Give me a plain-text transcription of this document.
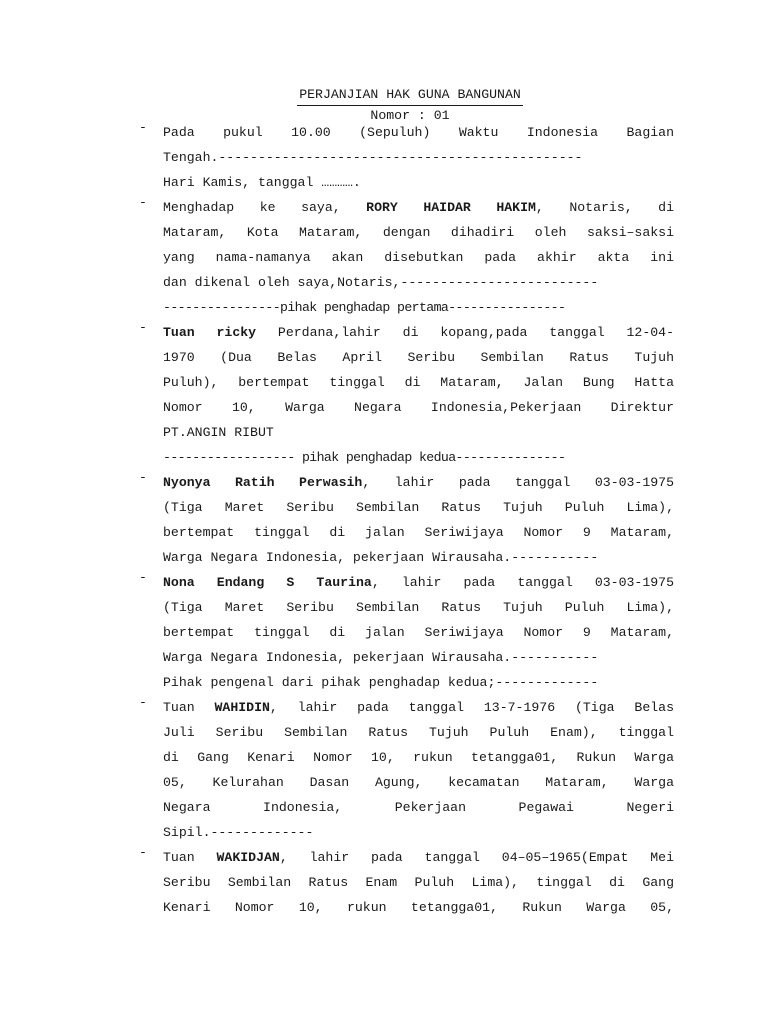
PERJANJIAN HAK GUNA BANGUNAN
Nomor : 01
- Pada pukul 10.00 (Sepuluh) Waktu Indonesia Bagian
Tengah.----------------------------------------------
Hari Kamis, tanggal ………….
- Menghadap ke saya, RORY HAIDAR HAKIM, Notaris, di
Mataram, Kota Mataram, dengan dihadiri oleh saksi–saksi
yang nama-namanya akan disebutkan pada akhir akta ini
dan dikenal oleh saya,Notaris,-------------------------
----------------pihak penghadap pertama----------------
- Tuan ricky Perdana,lahir di kopang,pada tanggal 12-04-
1970 (Dua Belas April Seribu Sembilan Ratus Tujuh
Puluh), bertempat tinggal di Mataram, Jalan Bung Hatta
Nomor 10, Warga Negara Indonesia,Pekerjaan Direktur
PT.ANGIN RIBUT
------------------ pihak penghadap kedua---------------
- Nyonya Ratih Perwasih, lahir pada tanggal 03-03-1975
(Tiga Maret Seribu Sembilan Ratus Tujuh Puluh Lima),
bertempat tinggal di jalan Seriwijaya Nomor 9 Mataram,
Warga Negara Indonesia, pekerjaan Wirausaha.-----------
- Nona Endang S Taurina, lahir pada tanggal 03-03-1975
(Tiga Maret Seribu Sembilan Ratus Tujuh Puluh Lima),
bertempat tinggal di jalan Seriwijaya Nomor 9 Mataram,
Warga Negara Indonesia, pekerjaan Wirausaha.-----------
Pihak pengenal dari pihak penghadap kedua;-------------
- Tuan WAHIDIN, lahir pada tanggal 13-7-1976 (Tiga Belas
Juli Seribu Sembilan Ratus Tujuh Puluh Enam), tinggal
di Gang Kenari Nomor 10, rukun tetangga01, Rukun Warga
05, Kelurahan Dasan Agung, kecamatan Mataram, Warga
Negara Indonesia, Pekerjaan Pegawai Negeri
Sipil.-------------
- Tuan WAKIDJAN, lahir pada tanggal 04–05–1965(Empat Mei
Seribu Sembilan Ratus Enam Puluh Lima), tinggal di Gang
Kenari Nomor 10, rukun tetangga01, Rukun Warga 05,
